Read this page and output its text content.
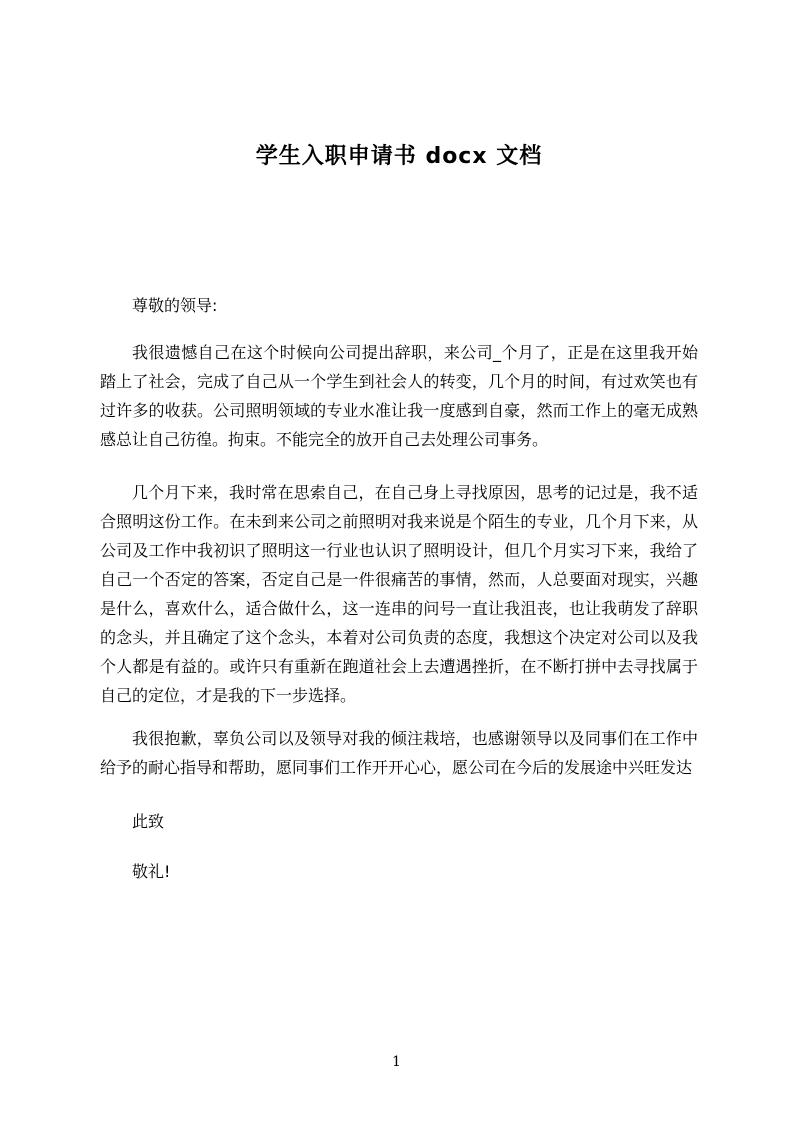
学生入职申请书 docx 文档

尊敬的领导:

我很遗憾自己在这个时候向公司提出辞职，来公司_个月了，正是在这里我开始踏上了社会，完成了自己从一个学生到社会人的转变，几个月的时间，有过欢笑也有过许多的收获。公司照明领域的专业水准让我一度感到自豪，然而工作上的毫无成熟感总让自己彷徨。拘束。不能完全的放开自己去处理公司事务。

几个月下来，我时常在思索自己，在自己身上寻找原因，思考的记过是，我不适合照明这份工作。在未到来公司之前照明对我来说是个陌生的专业，几个月下来，从公司及工作中我初识了照明这一行业也认识了照明设计，但几个月实习下来，我给了自己一个否定的答案，否定自己是一件很痛苦的事情，然而，人总要面对现实，兴趣是什么，喜欢什么，适合做什么，这一连串的问号一直让我沮丧，也让我萌发了辞职的念头，并且确定了这个念头，本着对公司负责的态度，我想这个决定对公司以及我个人都是有益的。或许只有重新在跑道社会上去遭遇挫折，在不断打拼中去寻找属于自己的定位，才是我的下一步选择。

我很抱歉，辜负公司以及领导对我的倾注栽培，也感谢领导以及同事们在工作中给予的耐心指导和帮助，愿同事们工作开开心心，愿公司在今后的发展途中兴旺发达

此致

敬礼!

1
